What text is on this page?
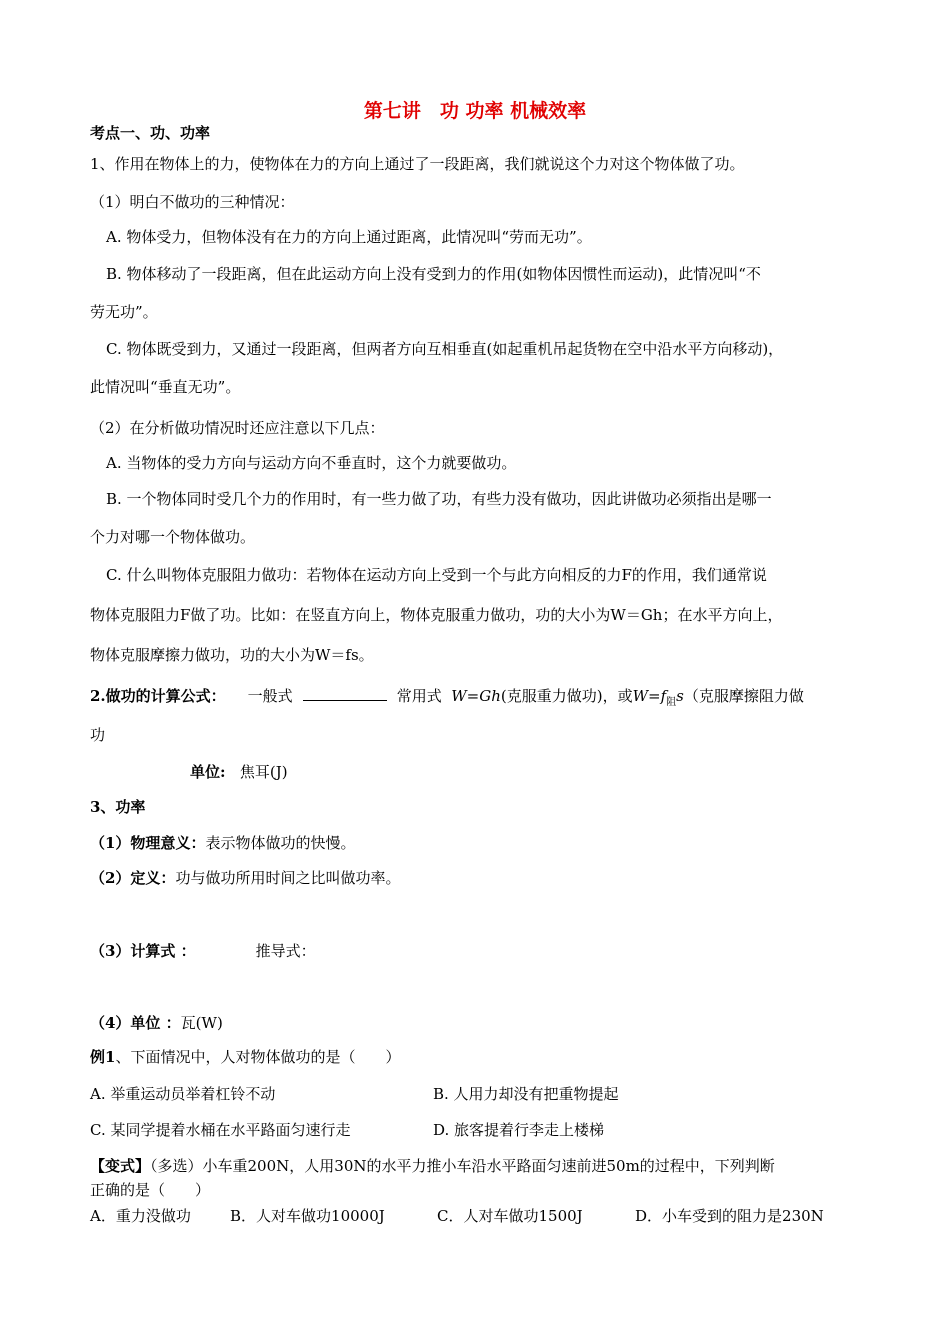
第七讲　功 功率 机械效率
考点一、功、功率
1、作用在物体上的力，使物体在力的方向上通过了一段距离，我们就说这个力对这个物体做了功。
（1）明白不做功的三种情况：
A. 物体受力，但物体没有在力的方向上通过距离，此情况叫“劳而无功”。
B. 物体移动了一段距离，但在此运动方向上没有受到力的作用(如物体因惯性而运动)，此情况叫“不
劳无功”。
C. 物体既受到力，又通过一段距离，但两者方向互相垂直(如起重机吊起货物在空中沿水平方向移动)，
此情况叫“垂直无功”。
（2）在分析做功情况时还应注意以下几点：
A. 当物体的受力方向与运动方向不垂直时，这个力就要做功。
B. 一个物体同时受几个力的作用时，有一些力做了功，有些力没有做功，因此讲做功必须指出是哪一
个力对哪一个物体做功。
C. 什么叫物体克服阻力做功：若物体在运动方向上受到一个与此方向相反的力F的作用，我们通常说
物体克服阻力F做了功。比如：在竖直方向上，物体克服重力做功，功的大小为W＝Gh；在水平方向上，
物体克服摩擦力做功，功的大小为W＝fs。
2.做功的计算公式： 一般式	常用式 W=Gh(克服重力做功)，或$W=f_阻s$（克服摩擦阻力做
功
单位: 焦耳(J)
3、功率
（1）物理意义：表示物体做功的快慢。
（2）定义：功与做功所用时间之比叫做功率。
（3）计算式 ：	推导式：
（4）单位 ：瓦(W)
例1、下面情况中，人对物体做功的是（　　）
A. 举重运动员举着杠铃不动	B. 人用力却没有把重物提起
C. 某同学提着水桶在水平路面匀速行走	D. 旅客提着行李走上楼梯
【变式】（多选）小车重200N，人用30N的水平力推小车沿水平路面匀速前进50m的过程中，下列判断
正确的是（　　）
A．重力没做功	B．人对车做功10000J	C．人对车做功1500J	D．小车受到的阻力是230N
